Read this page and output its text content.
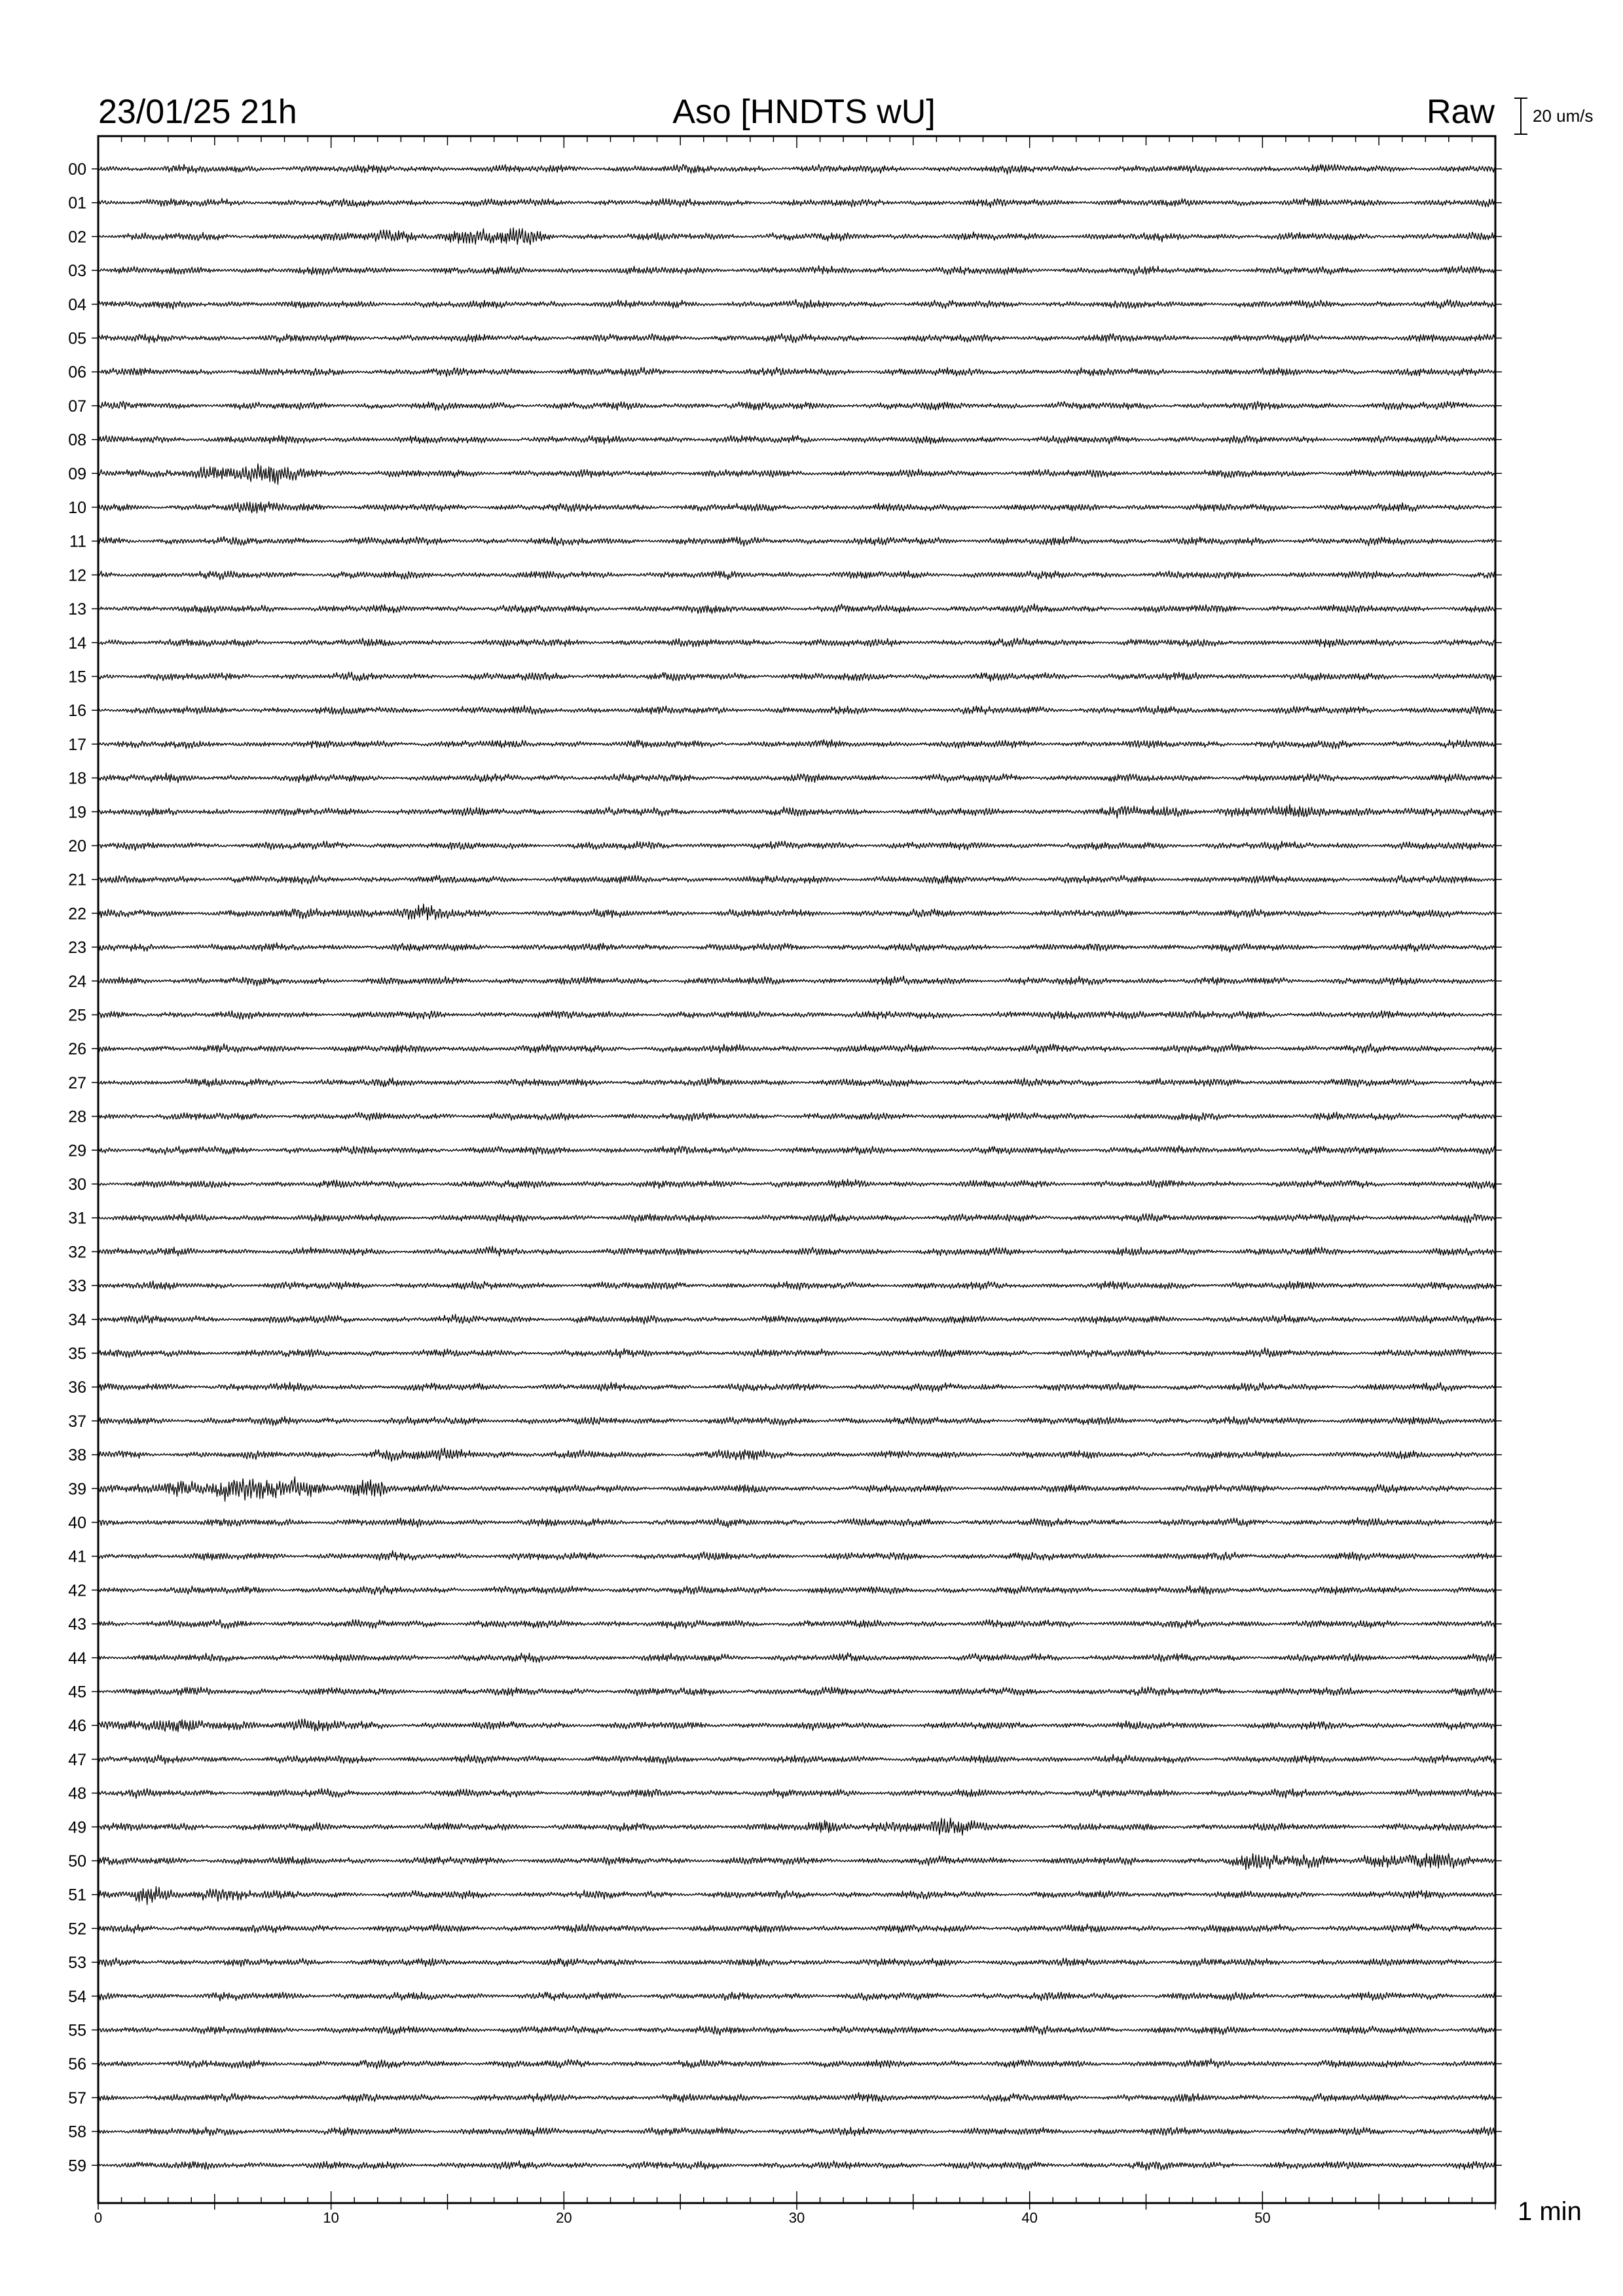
23/01/25 21h	Aso [HNDTS wU]	Raw 20 um/s
00
01
02
03
04
05
06
07
08
09
10
11
12
13
14
15
16
17
18
19
20
21
22
23
24
25
26
27
28
29
30
31
32
33
34
35
36
37
38
39
40
41
42
43
44
45
46
47
48
49
50
51
52
53
54
55
56
57
58
59
0	10	20	30	40	50	1 min
